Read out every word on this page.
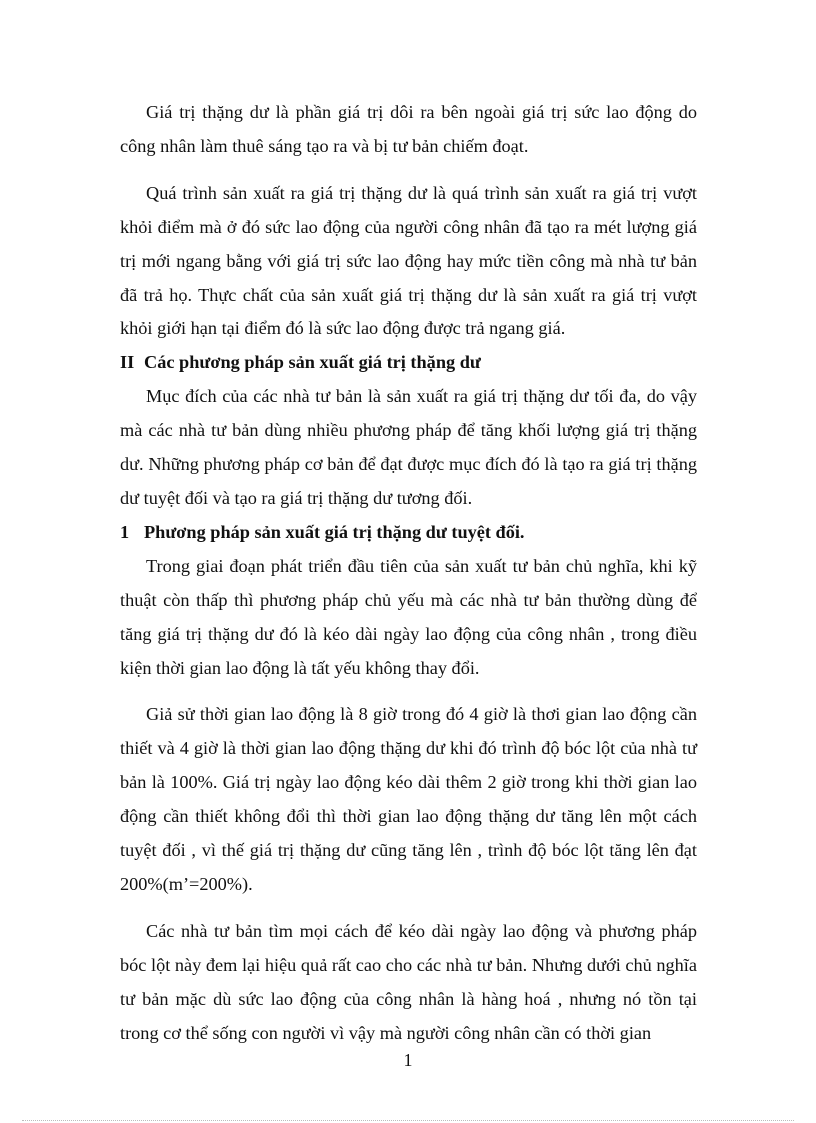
Giá trị thặng dư là phần giá trị dôi ra bên ngoài giá trị sức lao động do công nhân làm thuê sáng tạo ra và bị tư bản chiếm đoạt.

Quá trình sản xuất ra giá trị thặng dư là quá trình sản xuất ra giá trị vượt khỏi điểm mà ở đó sức lao động của người công nhân đã tạo ra mét lượng giá trị mới ngang bằng với giá trị sức lao động hay mức tiền công mà nhà tư bản đã trả họ. Thực chất của sản xuất giá trị thặng dư là sản xuất ra giá trị vượt khỏi giới hạn tại điểm đó là sức lao động được trả ngang giá.

II Các phương pháp sản xuất giá trị thặng dư

Mục đích của các nhà tư bản là sản xuất ra giá trị thặng dư tối đa, do vậy mà các nhà tư bản dùng nhiều phương pháp để tăng khối lượng giá trị thặng dư. Những phương pháp cơ bản để đạt được mục đích đó là tạo ra giá trị thặng dư tuyệt đối và tạo ra giá trị thặng dư tương đối.

1 Phương pháp sản xuất giá trị thặng dư tuyệt đối.

Trong giai đoạn phát triển đầu tiên của sản xuất tư bản chủ nghĩa, khi kỹ thuật còn thấp thì phương pháp chủ yếu mà các nhà tư bản thường dùng để tăng giá trị thặng dư đó là kéo dài ngày lao động của công nhân , trong điều kiện thời gian lao động là tất yếu không thay đổi.

Giả sử thời gian lao động là 8 giờ trong đó 4 giờ là thơi gian lao động cần thiết và 4 giờ là thời gian lao động thặng dư khi đó trình độ bóc lột của nhà tư bản là 100%. Giá trị ngày lao động kéo dài thêm 2 giờ trong khi thời gian lao động cần thiết không đổi thì thời gian lao động thặng dư tăng lên một cách tuyệt đối , vì thế giá trị thặng dư cũng tăng lên , trình độ bóc lột tăng lên đạt 200%(m’=200%).

Các nhà tư bản tìm mọi cách để kéo dài ngày lao động và phương pháp bóc lột này đem lại hiệu quả rất cao cho các nhà tư bản. Nhưng dưới chủ nghĩa tư bản mặc dù sức lao động của công nhân là hàng hoá , nhưng nó tồn tại trong cơ thể sống con người vì vậy mà người công nhân cần có thời gian

1
